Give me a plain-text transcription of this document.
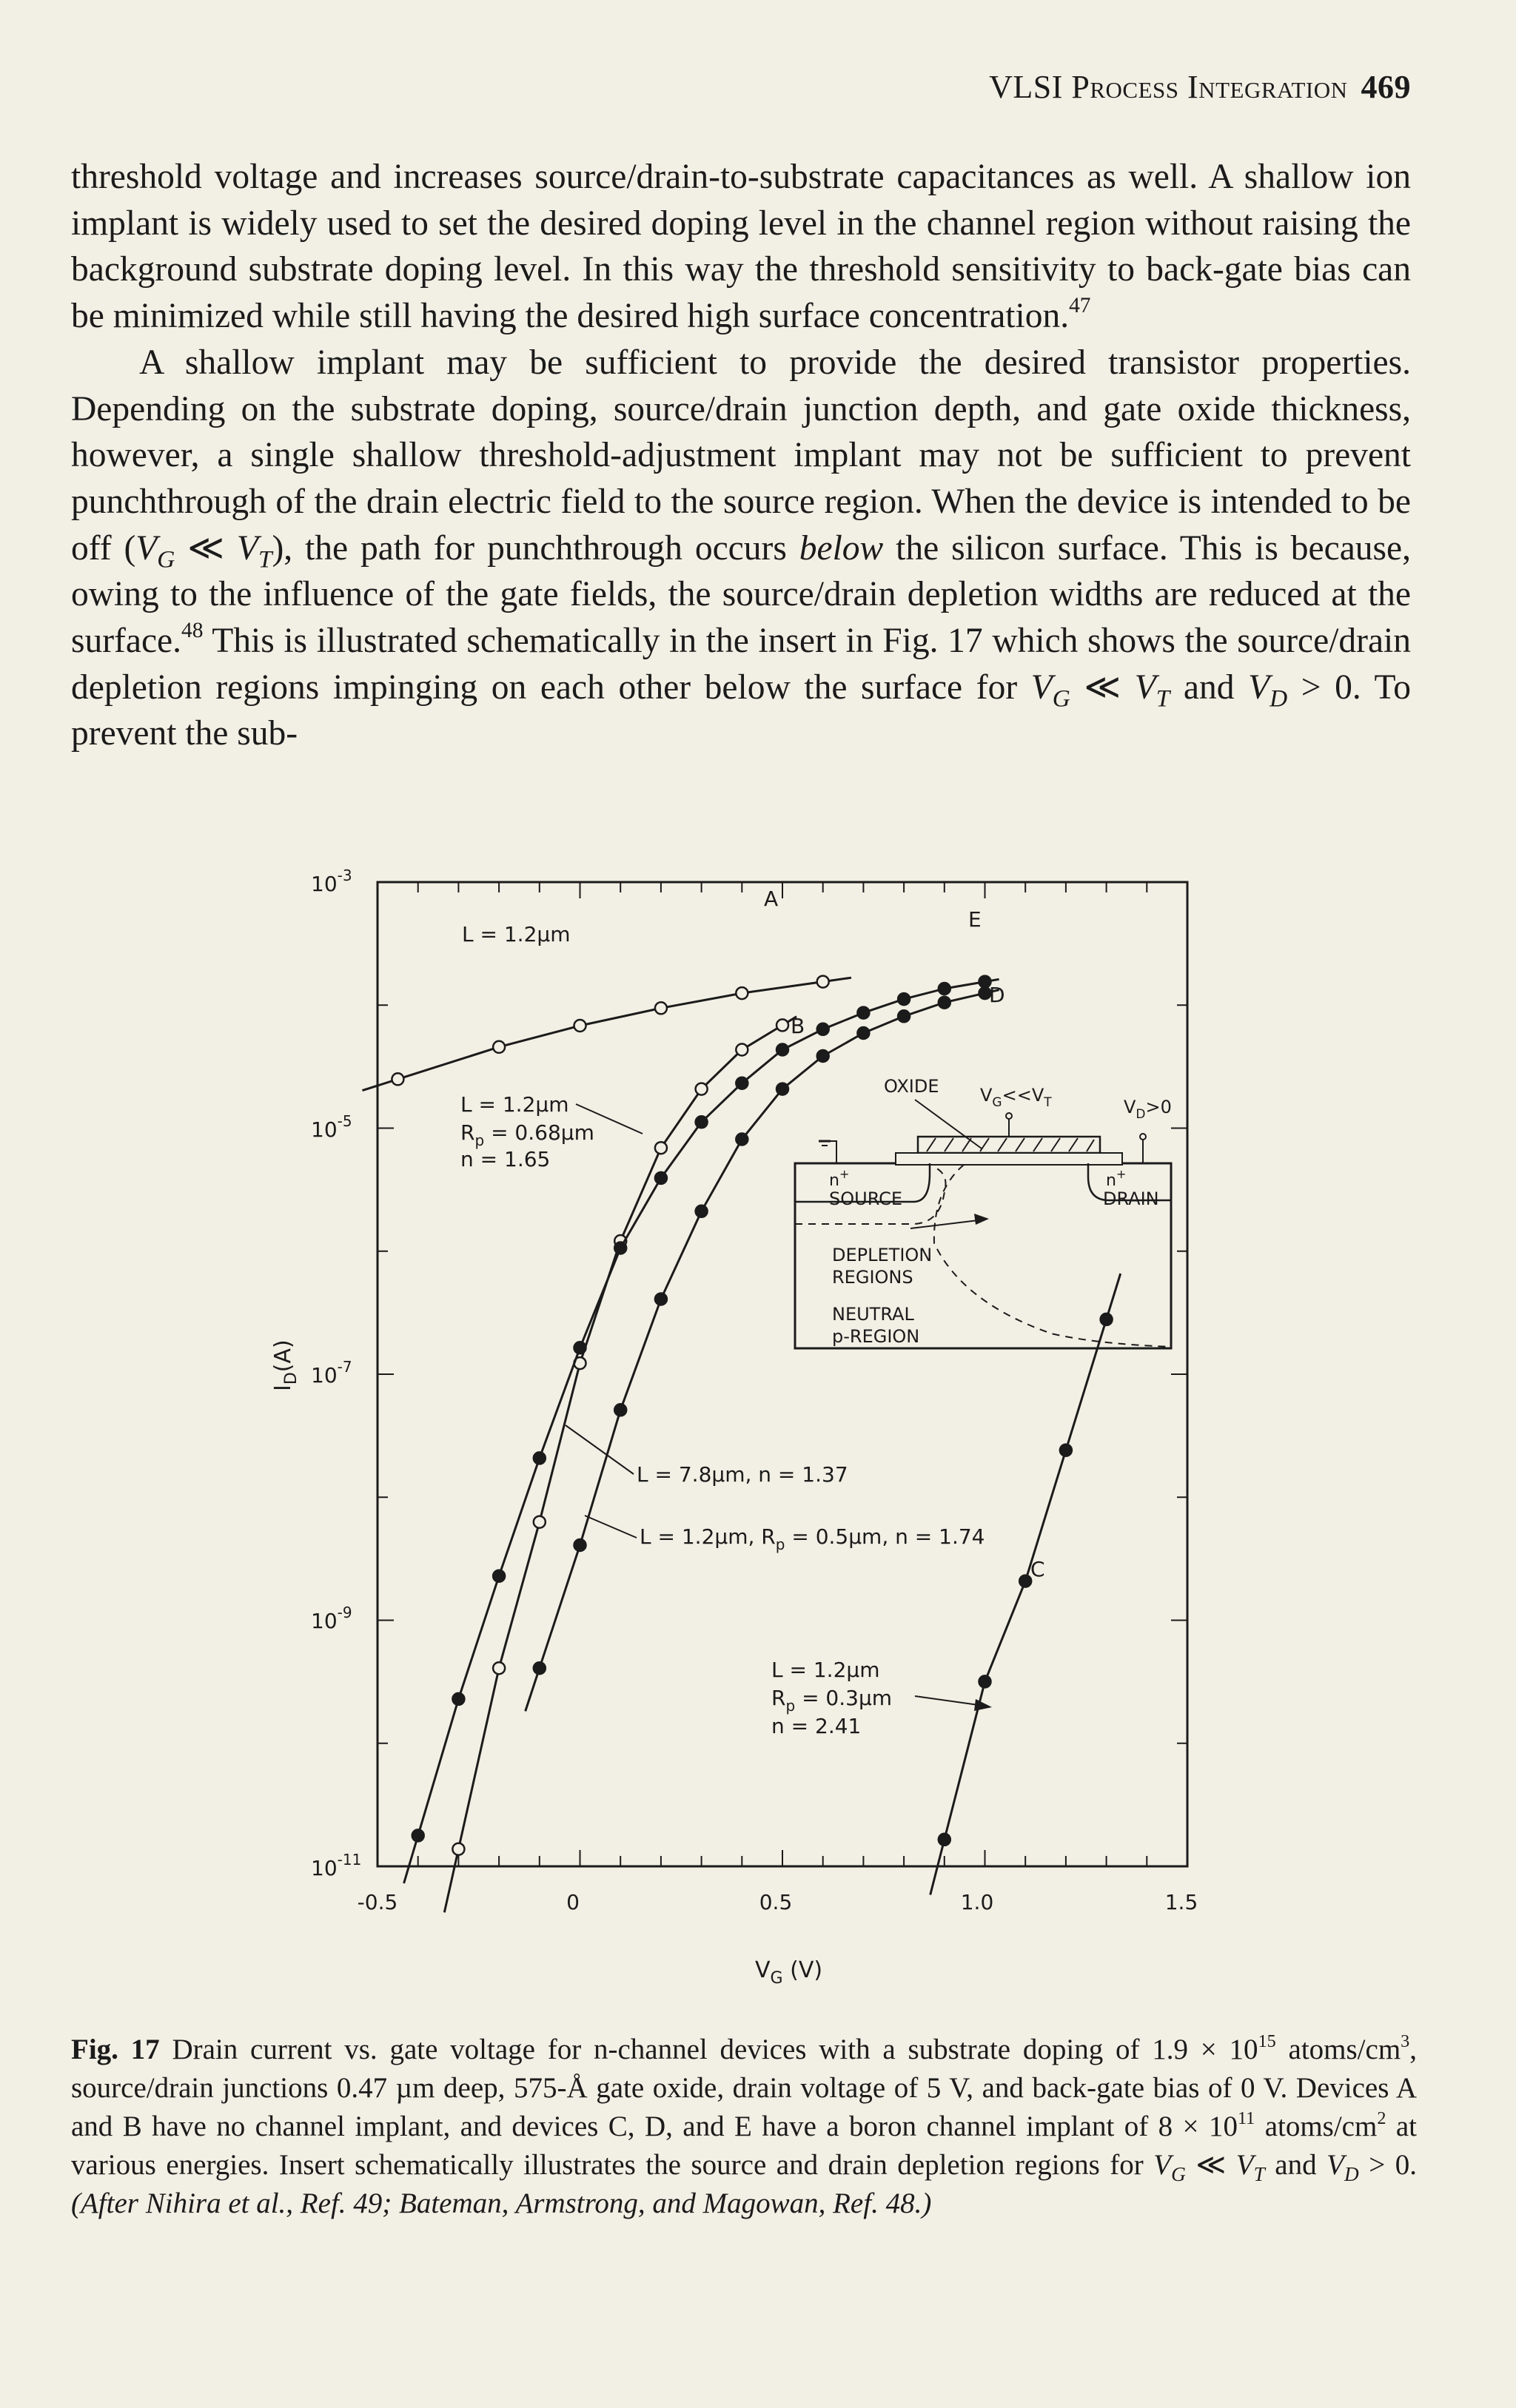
VLSI Process Integration 469

threshold voltage and increases source/drain-to-substrate capacitances as well. A shallow ion implant is widely used to set the desired doping level in the channel region without raising the background substrate doping level. In this way the threshold sensitivity to back-gate bias can be minimized while still having the desired high surface concentration.$^{47}$

A shallow implant may be sufficient to provide the desired transistor properties. Depending on the substrate doping, source/drain junction depth, and gate oxide thickness, however, a single shallow threshold-adjustment implant may not be sufficient to prevent punchthrough of the drain electric field to the source region. When the device is intended to be off ($V_G$ ≪ $V_T$), the path for punchthrough occurs below the silicon surface. This is because, owing to the influence of the gate fields, the source/drain depletion widths are reduced at the surface.$^{48}$ This is illustrated schematically in the insert in Fig. 17 which shows the source/drain depletion regions impinging on each other below the surface for $V_G$ ≪ $V_T$ and $V_D > 0$. To prevent the sub-

$10^{-3}$
$10^{-5}$
$10^{-7}$
$10^{-9}$
$10^{-11}$
-0.5	0	0.5	1.0	1.5
$V_G$ (V)
$I_D(A)$
A
B
C
D
E
L = 1.2µm
L = 1.2µm
$R_p = 0.68\mu m$
n = 1.65
L = 7.8µm, n = 1.37
L = 1.2µm, $R_p = 0.5\mu m$, n = 1.74
L = 1.2µm
$R_p = 0.3\mu m$
n = 2.41
OXIDE $V_G<<V_T$	$V_D>0$
n+
SOURCE
n+
DRAIN
DEPLETION
REGIONS
NEUTRAL
p-REGION
Fig. 17 Drain current vs. gate voltage for n-channel devices with a substrate doping of $1.9 \times 10^{15}$ atoms/$cm^3$, source/drain junctions 0.47 µm deep, 575-Å gate oxide, drain voltage of 5 V, and back-gate bias of 0 V. Devices A and B have no channel implant, and devices C, D, and E have a boron channel implant of $8 \times 10^{11}$ atoms/$cm^2$ at various energies. Insert schematically illustrates the source and drain depletion regions for $V_G$ ≪ $V_T$ and $V_D > 0$. (After Nihira et al., Ref. 49; Bateman, Armstrong, and Magowan, Ref. 48.)
